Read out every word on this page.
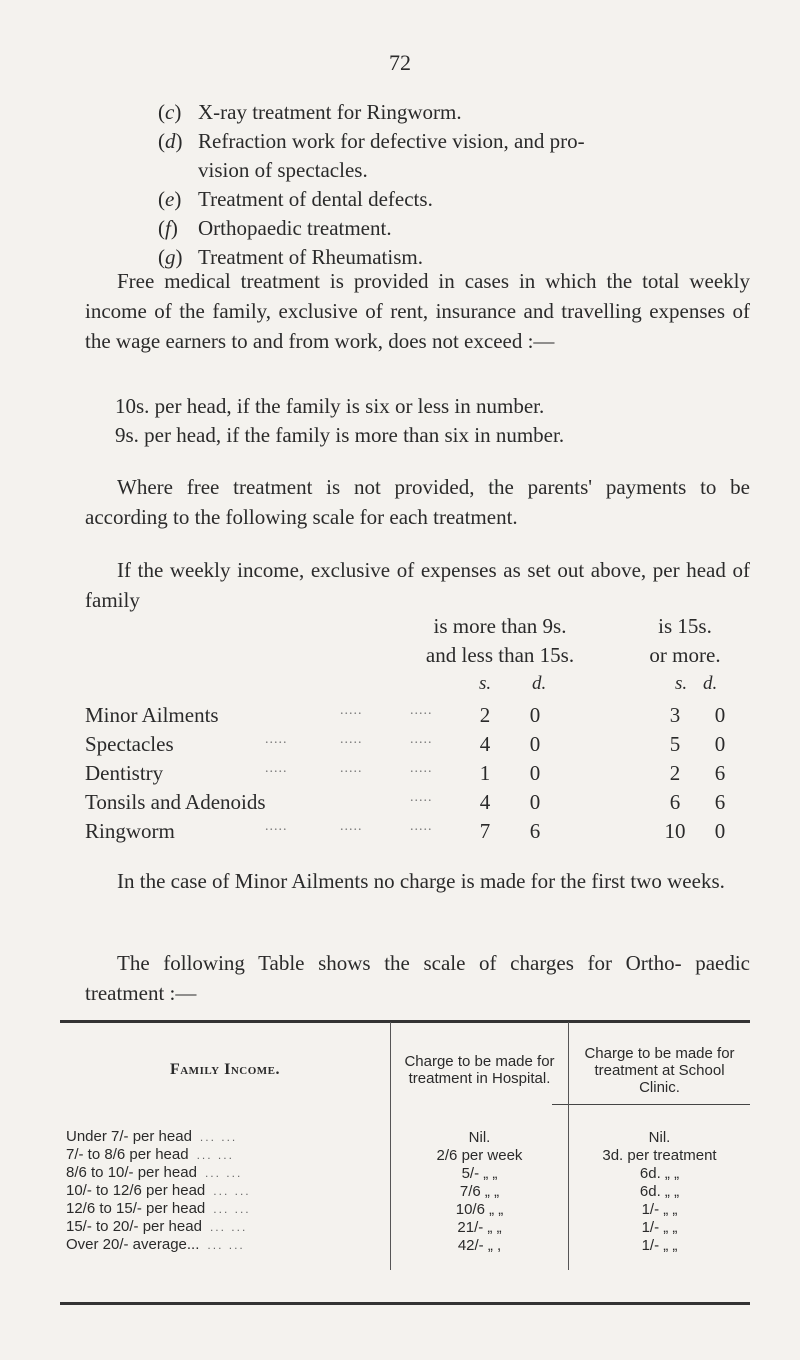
72
(c) X-ray treatment for Ringworm.
(d) Refraction work for defective vision, and pro-
vision of spectacles.
(e) Treatment of dental defects.
(f) Orthopaedic treatment.
(g) Treatment of Rheumatism.
Free medical treatment is provided in cases in which the total weekly income of the family, exclusive of rent, insurance and travelling expenses of the wage earners to and from work, does not exceed :—
10s. per head, if the family is six or less in number.
9s. per head, if the family is more than six in number.
Where free treatment is not provided, the parents' payments to be according to the following scale for each treatment.
If the weekly income, exclusive of expenses as set out above, per head of family
is more than 9s.
and less than 15s.
is 15s.
or more.
s. d.	s. d.
Minor Ailments	.....	.....	2	0	3	0
Spectacles	.....	.....	.....	4	0	5	0
Dentistry	.....	.....	.....	1	0	2	6
Tonsils and Adenoids	.....	4	0	6	6
Ringworm	.....	.....	.....	7	6	10	0
In the case of Minor Ailments no charge is made for the first two weeks.
The following Table shows the scale of charges for Ortho- paedic treatment :—
Family Income.	Charge to be made for treatment in Hospital.	Charge to be made for treatment at School Clinic.

Under 7/- per head ... ...	Nil.	Nil.
7/- to 8/6 per head ... ...	2/6 per week	3d. per treatment
8/6 to 10/- per head ... ...	5/- „ „	6d. „ „
10/- to 12/6 per head ... ...	7/6 „ „	6d. „ „
12/6 to 15/- per head ... ...	10/6 „ „	1/- „ „
15/- to 20/- per head ... ...	21/- „ „	1/- „ „
Over 20/- average... ... ...	42/- „ ,	1/- „ „
